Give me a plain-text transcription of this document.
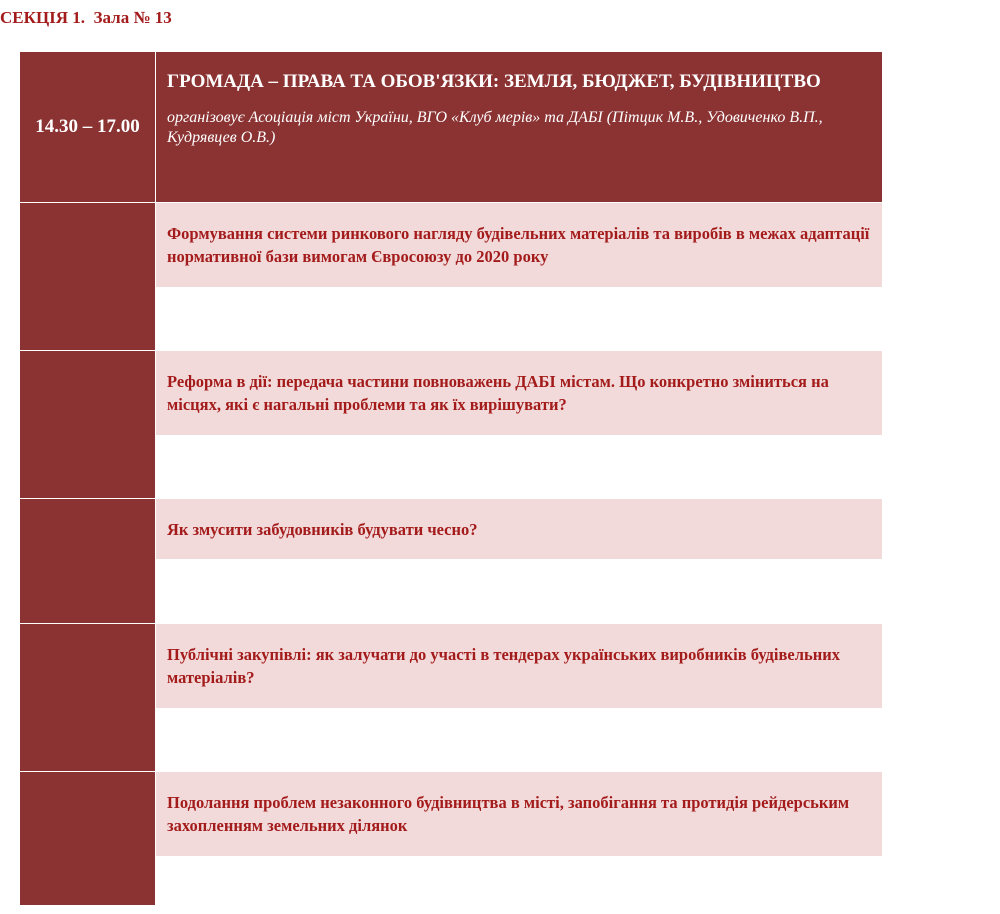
СЕКЦІЯ 1.  Зала № 13
14.30 – 17.00
ГРОМАДА – ПРАВА ТА ОБОВ'ЯЗКИ: ЗЕМЛЯ, БЮДЖЕТ, БУДІВНИЦТВО
організовує Асоціація міст України, ВГО «Клуб мерів» та ДАБІ (Пітцик М.В., Удовиченко В.П., Кудрявцев О.В.)
Формування системи ринкового нагляду будівельних матеріалів та виробів в межах адаптації нормативної бази вимогам Євросоюзу до 2020 року
Реформа в дії: передача частини повноважень ДАБІ містам. Що конкретно зміниться на місцях, які є нагальні проблеми та як їх вирішувати?
Як змусити забудовників будувати чесно?
Публічні закупівлі: як залучати до участі в тендерах українських виробників будівельних матеріалів?
Подолання проблем незаконного будівництва в місті, запобігання та протидія рейдерським захопленням земельних ділянок
